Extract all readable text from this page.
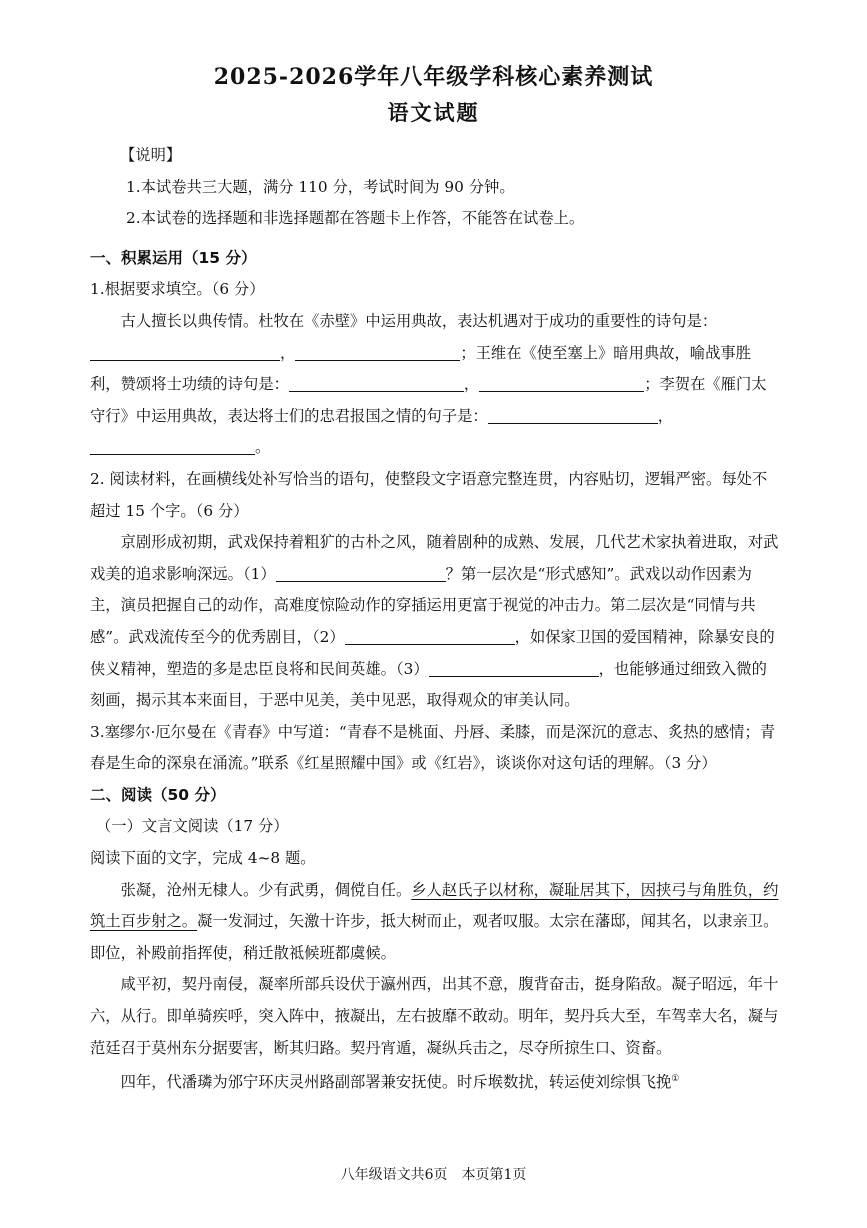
2025-2026学年八年级学科核心素养测试
语文试题

【说明】

1.本试卷共三大题，满分 110 分，考试时间为 90 分钟。

2.本试卷的选择题和非选择题都在答题卡上作答，不能答在试卷上。

一、积累运用（15 分）

1.根据要求填空。（6 分）

古人擅长以典传情。杜牧在《赤壁》中运用典故，表达机遇对于成功的重要性的诗句是：，	；王维在《使至塞上》暗用典故，喻战事胜利，赞颂将士功绩的诗句是：	，	；李贺在《雁门太守行》中运用典故，表达将士们的忠君报国之情的句子是：	，。

2. 阅读材料，在画横线处补写恰当的语句，使整段文字语意完整连贯，内容贴切，逻辑严密。每处不超过 15 个字。（6 分）

京剧形成初期，武戏保持着粗犷的古朴之风，随着剧种的成熟、发展，几代艺术家执着进取，对武戏美的追求影响深远。（1）	？第一层次是“形式感知”。武戏以动作因素为主，演员把握自己的动作，高难度惊险动作的穿插运用更富于视觉的冲击力。第二层次是“同情与共感”。武戏流传至今的优秀剧目，（2）	，如保家卫国的爱国精神，除暴安良的侠义精神，塑造的多是忠臣良将和民间英雄。（3）	，也能够通过细致入微的刻画，揭示其本来面目，于恶中见美，美中见恶，取得观众的审美认同。

3.塞缪尔·厄尔曼在《青春》中写道：“青春不是桃面、丹唇、柔膝，而是深沉的意志、炙热的感情；青春是生命的深泉在涌流。”联系《红星照耀中国》或《红岩》，谈谈你对这句话的理解。（3 分）

二、阅读（50 分）

（一）文言文阅读（17 分）

阅读下面的文字，完成 4~8 题。

张凝，沧州无棣人。少有武勇，倜傥自任。乡人赵氏子以材称，凝耻居其下，因挟弓与角胜负，约筑土百步射之。凝一发洞过，矢激十许步，抵大树而止，观者叹服。太宗在藩邸，闻其名，以隶亲卫。即位，补殿前指挥使，稍迁散祗候班都虞候。

咸平初，契丹南侵，凝率所部兵设伏于瀛州西，出其不意，腹背奋击，挺身陷敌。凝子昭远，年十六，从行。即单骑疾呼，突入阵中，掖凝出，左右披靡不敢动。明年，契丹兵大至，车驾幸大名，凝与范廷召于莫州东分据要害，断其归路。契丹宵遁，凝纵兵击之，尽夺所掠生口、资畜。

四年，代潘璘为邠宁环庆灵州路副部署兼安抚使。时斥堠数扰，转运使刘综惧飞挽①

八年级语文共6页　本页第1页
